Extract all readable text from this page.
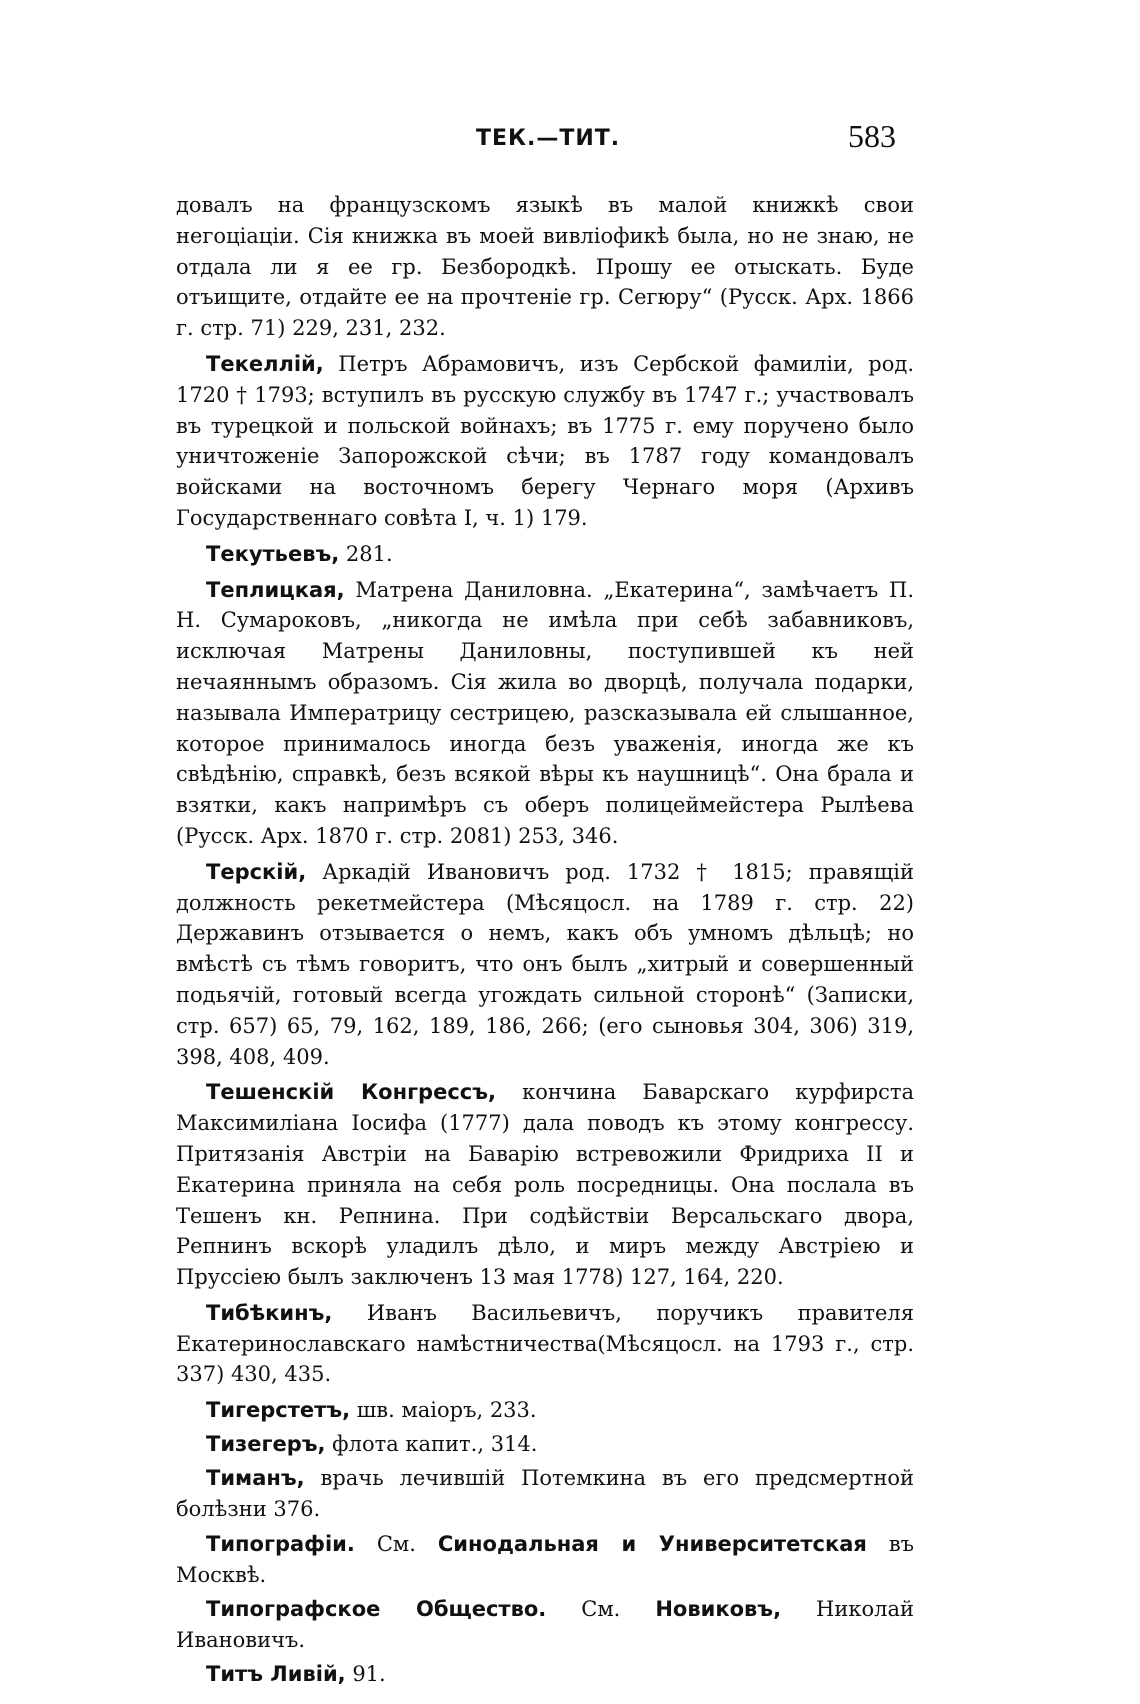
ТЕК.—ТИТ.	583

довалъ на французскомъ языкѣ въ малой книжкѣ свои негоціаціи. Сія книжка въ моей вивліофикѣ была, но не знаю, не отдала ли я ее гр. Безбородкѣ. Прошу ее отыскать. Буде отъищите, отдайте ее на прочтеніе гр. Сегюру“ (Русск. Арх. 1866 г. стр. 71) 229, 231, 232.

Текеллій, Петръ Абрамовичъ, изъ Сербской фамиліи, род. 1720 † 1793; вступилъ въ русскую службу въ 1747 г.; участвовалъ въ турецкой и польской войнахъ; въ 1775 г. ему поручено было уничтоженіе Запорожской сѣчи; въ 1787 году командовалъ войсками на восточномъ берегу Чернаго моря (Архивъ Государственнаго совѣта I, ч. 1) 179.

Текутьевъ, 281.

Теплицкая, Матрена Даниловна. „Екатерина“, замѣчаетъ П. Н. Сумароковъ, „никогда не имѣла при себѣ забавниковъ, исключая Матрены Даниловны, поступившей къ ней нечаяннымъ образомъ. Сія жила во дворцѣ, получала подарки, называла Императрицу сестрицею, разсказывала ей слышанное, которое принималось иногда безъ уваженія, иногда же къ свѣдѣнію, справкѣ, безъ всякой вѣры къ наушницѣ“. Она брала и взятки, какъ напримѣръ съ оберъ полицеймейстера Рылѣева (Русск. Арх. 1870 г. стр. 2081) 253, 346.

Терскій, Аркадій Ивановичъ род. 1732 † 1815; правящій должность рекетмейстера (Мѣсяцосл. на 1789 г. стр. 22) Державинъ отзывается о немъ, какъ объ умномъ дѣльцѣ; но вмѣстѣ съ тѣмъ говоритъ, что онъ былъ „хитрый и совершенный подьячій, готовый всегда угождать сильной сторонѣ“ (Записки, стр. 657) 65, 79, 162, 189, 186, 266; (его сыновья 304, 306) 319, 398, 408, 409.

Тешенскій Конгрессъ, кончина Баварскаго курфирста Максимиліана Іосифа (1777) дала поводъ къ этому конгрессу. Притязанія Австріи на Баварію встревожили Фридриха II и Екатерина приняла на себя роль посредницы. Она послала въ Тешенъ кн. Репнина. При содѣйствіи Версальскаго двора, Репнинъ вскорѣ уладилъ дѣло, и миръ между Австріею и Пруссіею былъ заключенъ 13 мая 1778) 127, 164, 220.

Тибѣкинъ, Иванъ Васильевичъ, поручикъ правителя Екатеринославскаго намѣстничества(Мѣсяцосл. на 1793 г., стр. 337) 430, 435.

Тигерстетъ, шв. маіоръ, 233.

Тизегеръ, флота капит., 314.

Тиманъ, врачь лечившій Потемкина въ его предсмертной болѣзни 376.

Типографіи. См. Синодальная и Университетская въ Москвѣ.

Типографское Общество. См. Новиковъ, Николай Ивановичъ.

Титъ Ливій, 91.
